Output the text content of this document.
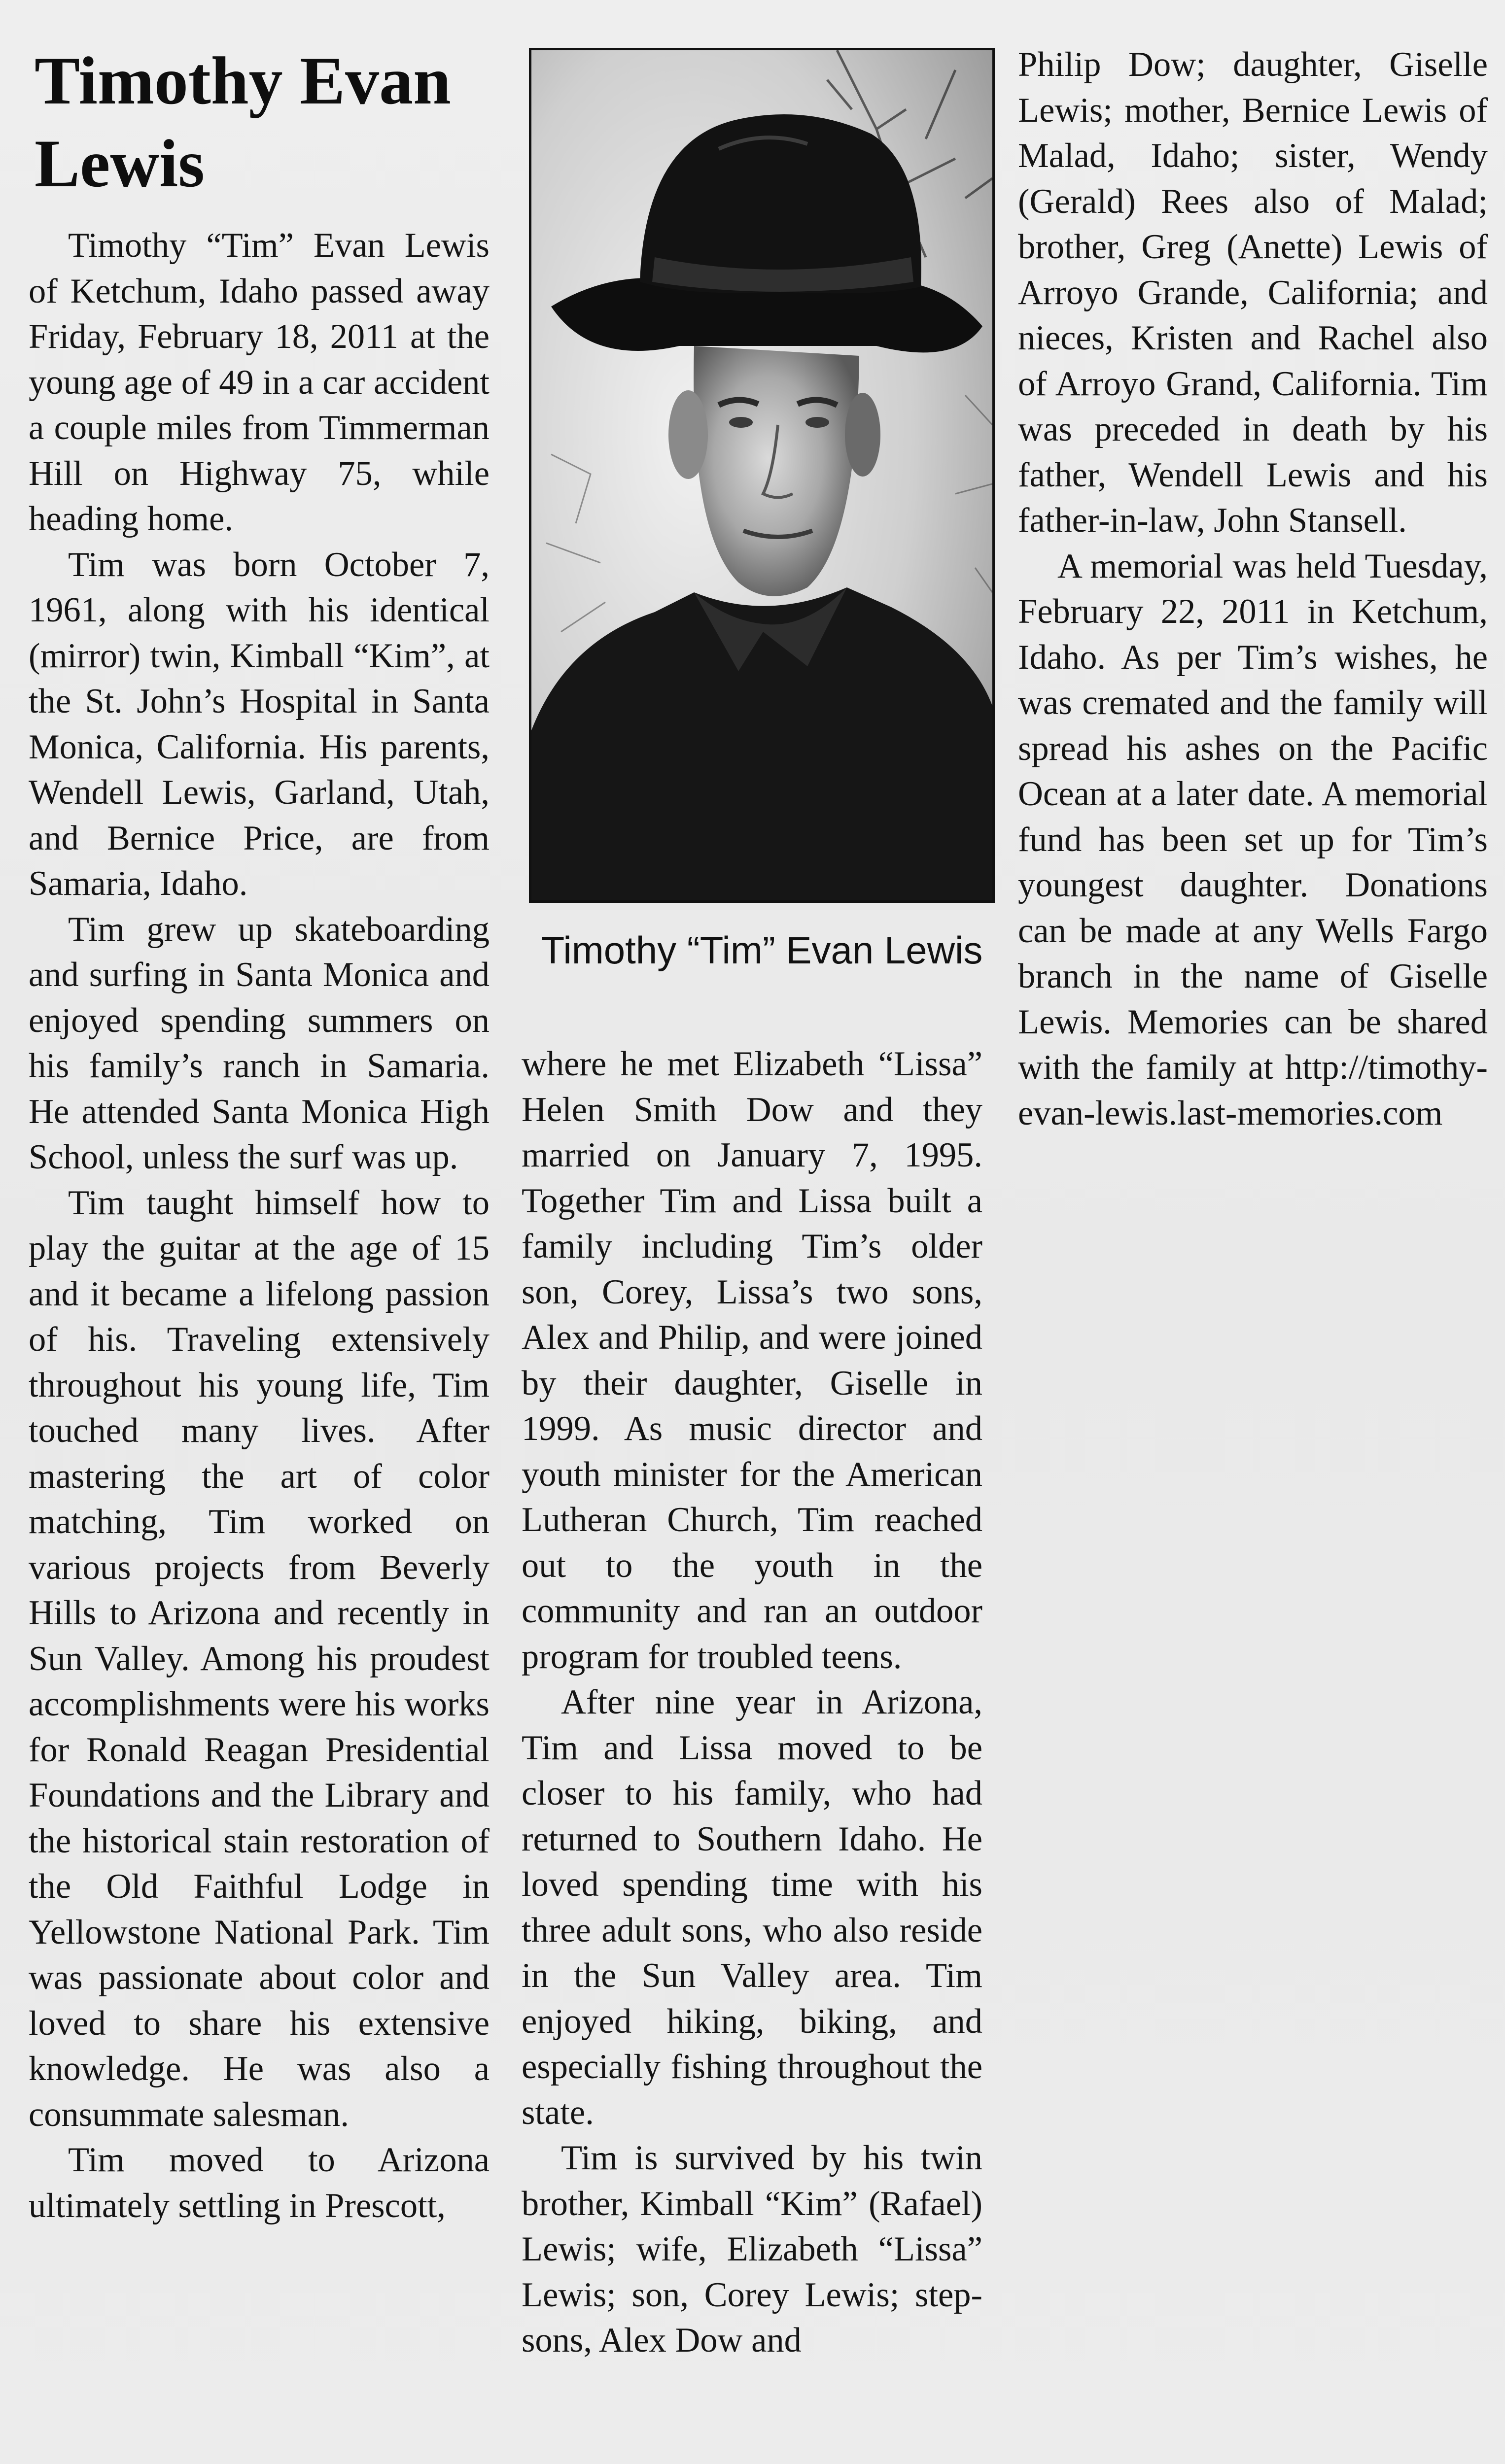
Timothy Evan Lewis

Timothy “Tim” Evan Lewis of Ketchum, Idaho passed away Friday, February 18, 2011 at the young age of 49 in a car accident a couple miles from Timmerman Hill on Highway 75, while heading home.

Tim was born October 7, 1961, along with his identical (mirror) twin, Kimball “Kim”, at the St. John’s Hospital in Santa Monica, California. His parents, Wendell Lewis, Garland, Utah, and Bernice Price, are from Samaria, Idaho.

Tim grew up skateboarding and surfing in Santa Monica and enjoyed spending summers on his family’s ranch in Samaria. He attended Santa Monica High School, unless the surf was up.

Tim taught himself how to play the guitar at the age of 15 and it became a lifelong passion of his. Traveling extensively throughout his young life, Tim touched many lives. After mastering the art of color matching, Tim worked on various projects from Beverly Hills to Arizona and recently in Sun Valley. Among his proudest accomplishments were his works for Ronald Reagan Presidential Foundations and the Library and the historical stain restoration of the Old Faithful Lodge in Yellowstone National Park. Tim was passionate about color and loved to share his extensive knowledge. He was also a consummate salesman.

Tim moved to Arizona ultimately settling in Prescott,

Timothy “Tim” Evan Lewis

where he met Elizabeth “Lissa” Helen Smith Dow and they married on January 7, 1995. Together Tim and Lissa built a family including Tim’s older son, Corey, Lissa’s two sons, Alex and Philip, and were joined by their daughter, Giselle in 1999. As music director and youth minister for the American Lutheran Church, Tim reached out to the youth in the community and ran an outdoor program for troubled teens.

After nine year in Arizona, Tim and Lissa moved to be closer to his family, who had returned to Southern Idaho. He loved spending time with his three adult sons, who also reside in the Sun Valley area. Tim enjoyed hiking, biking, and especially fishing throughout the state.

Tim is survived by his twin brother, Kimball “Kim” (Rafael) Lewis; wife, Elizabeth “Lissa” Lewis; son, Corey Lewis; step-sons, Alex Dow and

Philip Dow; daughter, Giselle Lewis; mother, Bernice Lewis of Malad, Idaho; sister, Wendy (Gerald) Rees also of Malad; brother, Greg (Anette) Lewis of Arroyo Grande, California; and nieces, Kristen and Rachel also of Arroyo Grand, California. Tim was preceded in death by his father, Wendell Lewis and his father-in-law, John Stansell.

A memorial was held Tuesday, February 22, 2011 in Ketchum, Idaho. As per Tim’s wishes, he was cremated and the family will spread his ashes on the Pacific Ocean at a later date. A memorial fund has been set up for Tim’s youngest daughter. Donations can be made at any Wells Fargo branch in the name of Giselle Lewis. Memories can be shared with the family at http://timothy-evan-lewis.last-memories.com
